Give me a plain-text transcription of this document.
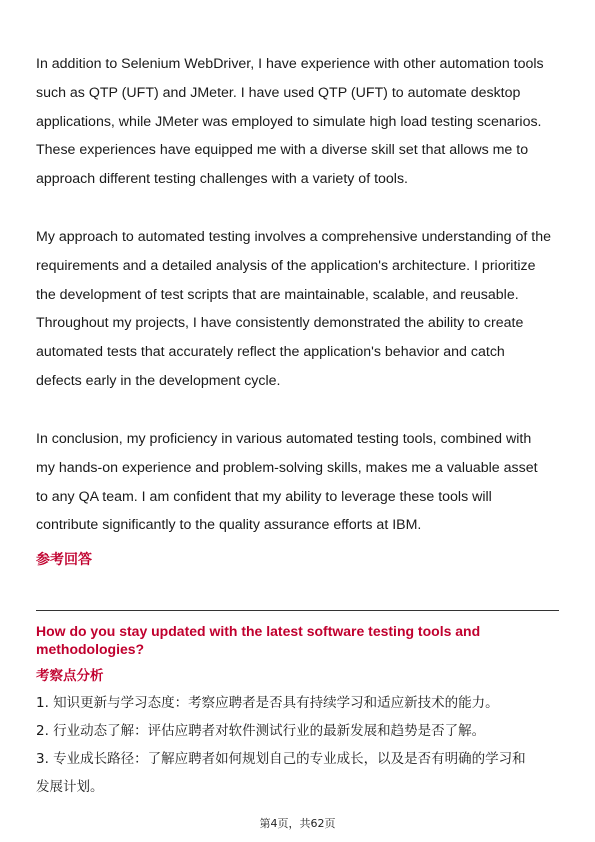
In addition to Selenium WebDriver, I have experience with other automation tools
such as QTP (UFT) and JMeter. I have used QTP (UFT) to automate desktop
applications, while JMeter was employed to simulate high load testing scenarios.
These experiences have equipped me with a diverse skill set that allows me to
approach different testing challenges with a variety of tools.
My approach to automated testing involves a comprehensive understanding of the
requirements and a detailed analysis of the application's architecture. I prioritize
the development of test scripts that are maintainable, scalable, and reusable.
Throughout my projects, I have consistently demonstrated the ability to create
automated tests that accurately reflect the application's behavior and catch
defects early in the development cycle.
In conclusion, my proficiency in various automated testing tools, combined with
my hands-on experience and problem-solving skills, makes me a valuable asset
to any QA team. I am confident that my ability to leverage these tools will
contribute significantly to the quality assurance efforts at IBM.
参考回答
How do you stay updated with the latest software testing tools and methodologies?
考察点分析
1. 知识更新与学习态度：考察应聘者是否具有持续学习和适应新技术的能力。
2. 行业动态了解：评估应聘者对软件测试行业的最新发展和趋势是否了解。
3. 专业成长路径：了解应聘者如何规划自己的专业成长，以及是否有明确的学习和
发展计划。
第4页，共62页
